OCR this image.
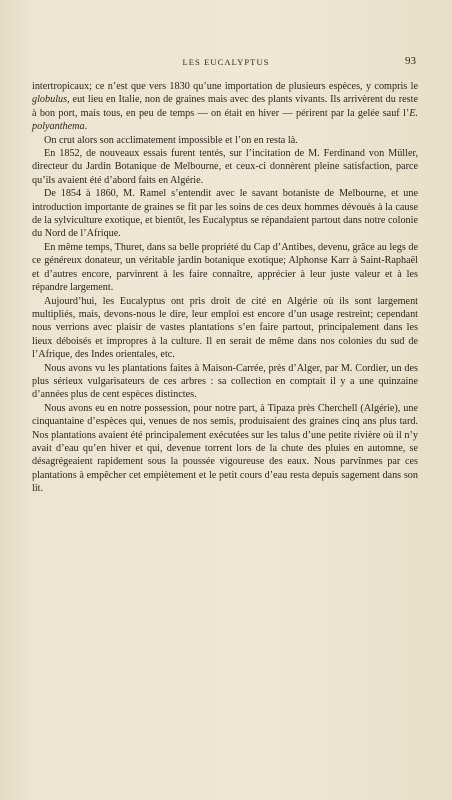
LES EUCALYPTUS	93

intertropicaux; ce n’est que vers 1830 qu’une importation de plusieurs espèces, y compris le globulus, eut lieu en Italie, non de graines mais avec des plants vivants. Ils arrivèrent du reste à bon port, mais tous, en peu de temps — on était en hiver — périrent par la gelée sauf l’E. polyanthema.

On crut alors son acclimatement impossible et l’on en resta là.

En 1852, de nouveaux essais furent tentés, sur l’incitation de M. Ferdinand von Müller, directeur du Jardin Botanique de Melbourne, et ceux-ci donnèrent pleine satisfaction, parce qu’ils avaient été d’abord faits en Algérie.

De 1854 à 1860, M. Ramel s’entendit avec le savant botaniste de Melbourne, et une introduction importante de graines se fit par les soins de ces deux hommes dévoués à la cause de la sylviculture exotique, et bientôt, les Eucalyptus se répandaient partout dans notre colonie du Nord de l’Afrique.

En même temps, Thuret, dans sa belle propriété du Cap d’Antibes, devenu, grâce au legs de ce généreux donateur, un véritable jardin botanique exotique; Alphonse Karr à Saint-Raphaël et d’autres encore, parvinrent à les faire connaître, apprécier à leur juste valeur et à les répandre largement.

Aujourd’hui, les Eucalyptus ont pris droit de cité en Algérie où ils sont largement multipliés, mais, devons-nous le dire, leur emploi est encore d’un usage restreint; cependant nous verrions avec plaisir de vastes plantations s’en faire partout, principalement dans les lieux déboisés et impropres à la culture. Il en serait de même dans nos colonies du sud de l’Afrique, des Indes orientales, etc.

Nous avons vu les plantations faites à Maison-Carrée, près d’Alger, par M. Cordier, un des plus sérieux vulgarisateurs de ces arbres : sa collection en comptait il y a une quinzaine d’années plus de cent espèces distinctes.

Nous avons eu en notre possession, pour notre part, à Tipaza près Cherchell (Algérie), une cinquantaine d’espèces qui, venues de nos semis, produisaient des graines cinq ans plus tard. Nos plantations avaient été principalement exécutées sur les talus d’une petite rivière où il n’y avait d’eau qu’en hiver et qui, devenue torrent lors de la chute des pluies en automne, se désagrégeaient rapidement sous la poussée vigoureuse des eaux. Nous parvînmes par ces plantations à empêcher cet empiètement et le petit cours d’eau resta depuis sagement dans son lit.
